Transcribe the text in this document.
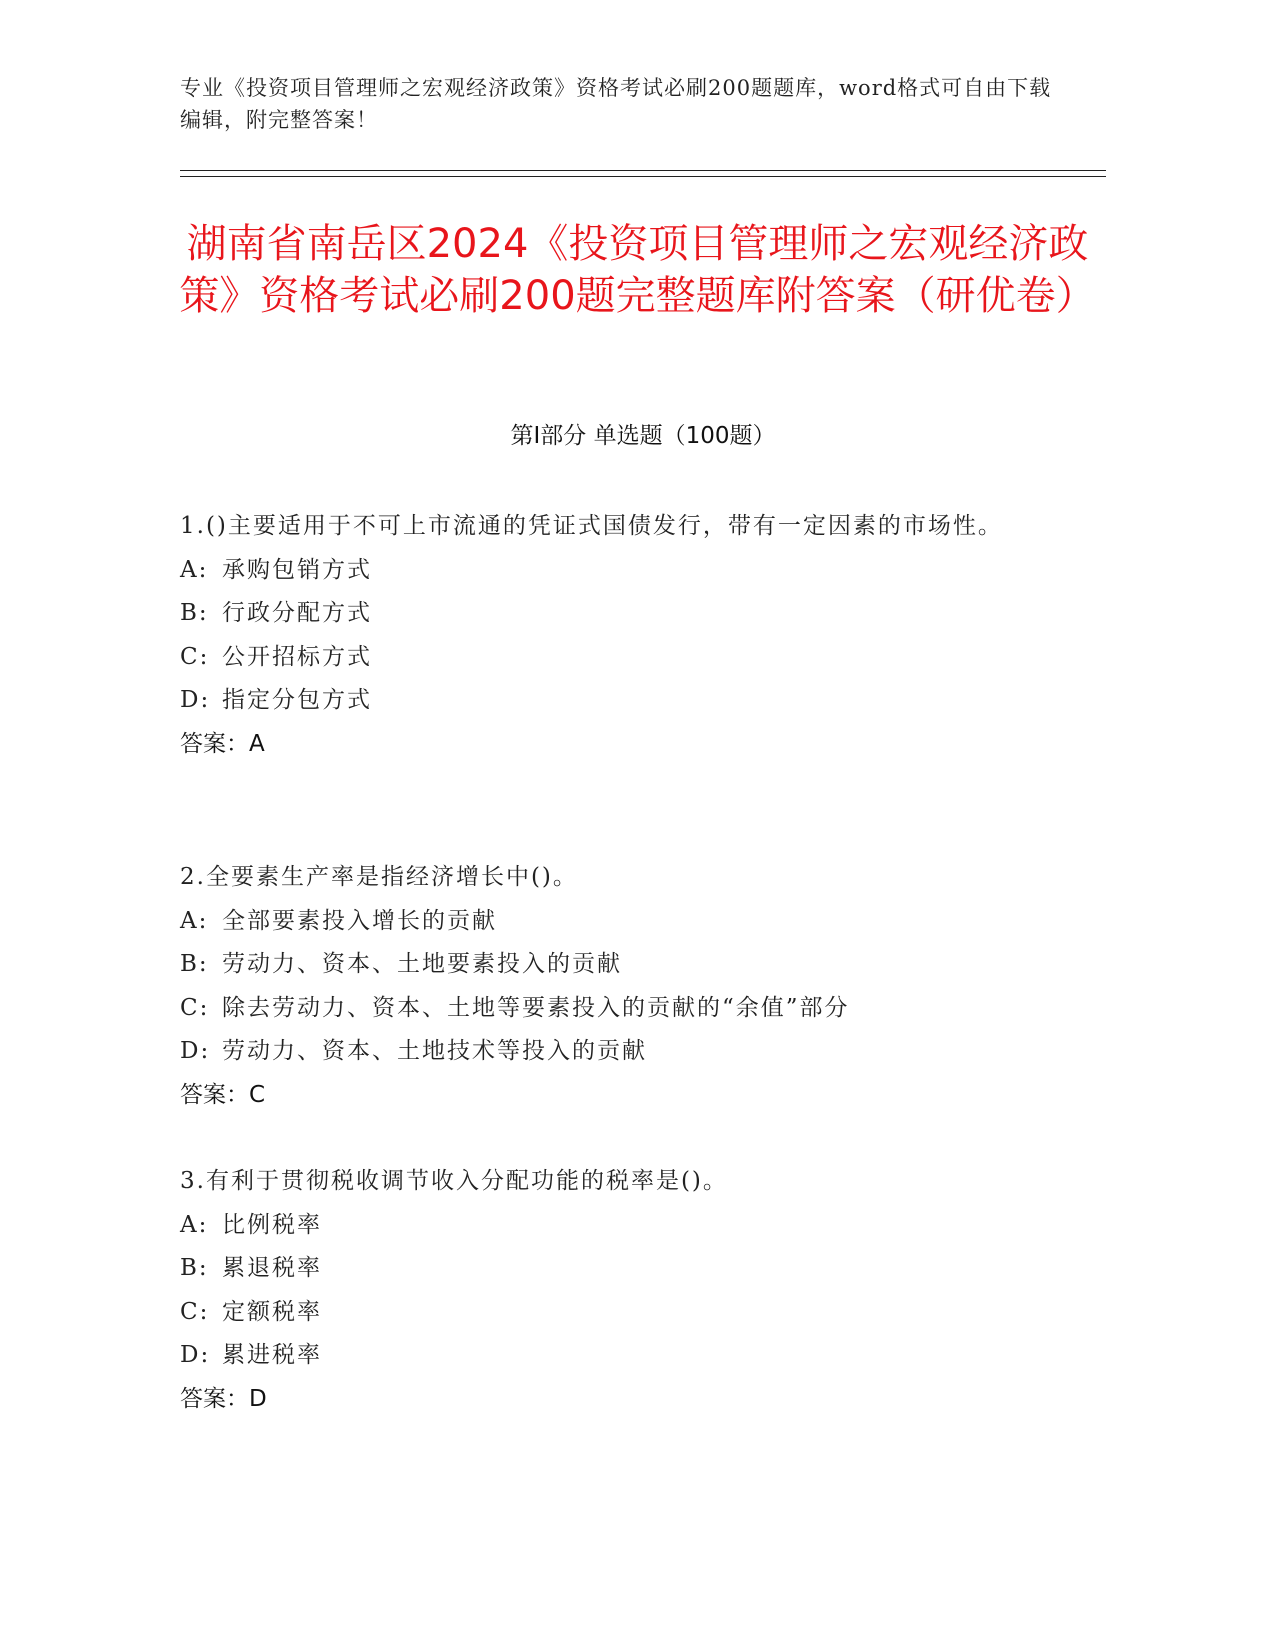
专业《投资项目管理师之宏观经济政策》资格考试必刷200题题库，word格式可自由下载编辑，附完整答案！
湖南省南岳区2024《投资项目管理师之宏观经济政策》资格考试必刷200题完整题库附答案（研优卷）
第I部分 单选题（100题）
1.()主要适用于不可上市流通的凭证式国债发行，带有一定因素的市场性。
A: 承购包销方式
B: 行政分配方式
C: 公开招标方式
D: 指定分包方式
答案：A
2.全要素生产率是指经济增长中()。
A: 全部要素投入增长的贡献
B: 劳动力、资本、土地要素投入的贡献
C: 除去劳动力、资本、土地等要素投入的贡献的“余值”部分
D: 劳动力、资本、土地技术等投入的贡献
答案：C
3.有利于贯彻税收调节收入分配功能的税率是()。
A: 比例税率
B: 累退税率
C: 定额税率
D: 累进税率
答案：D
